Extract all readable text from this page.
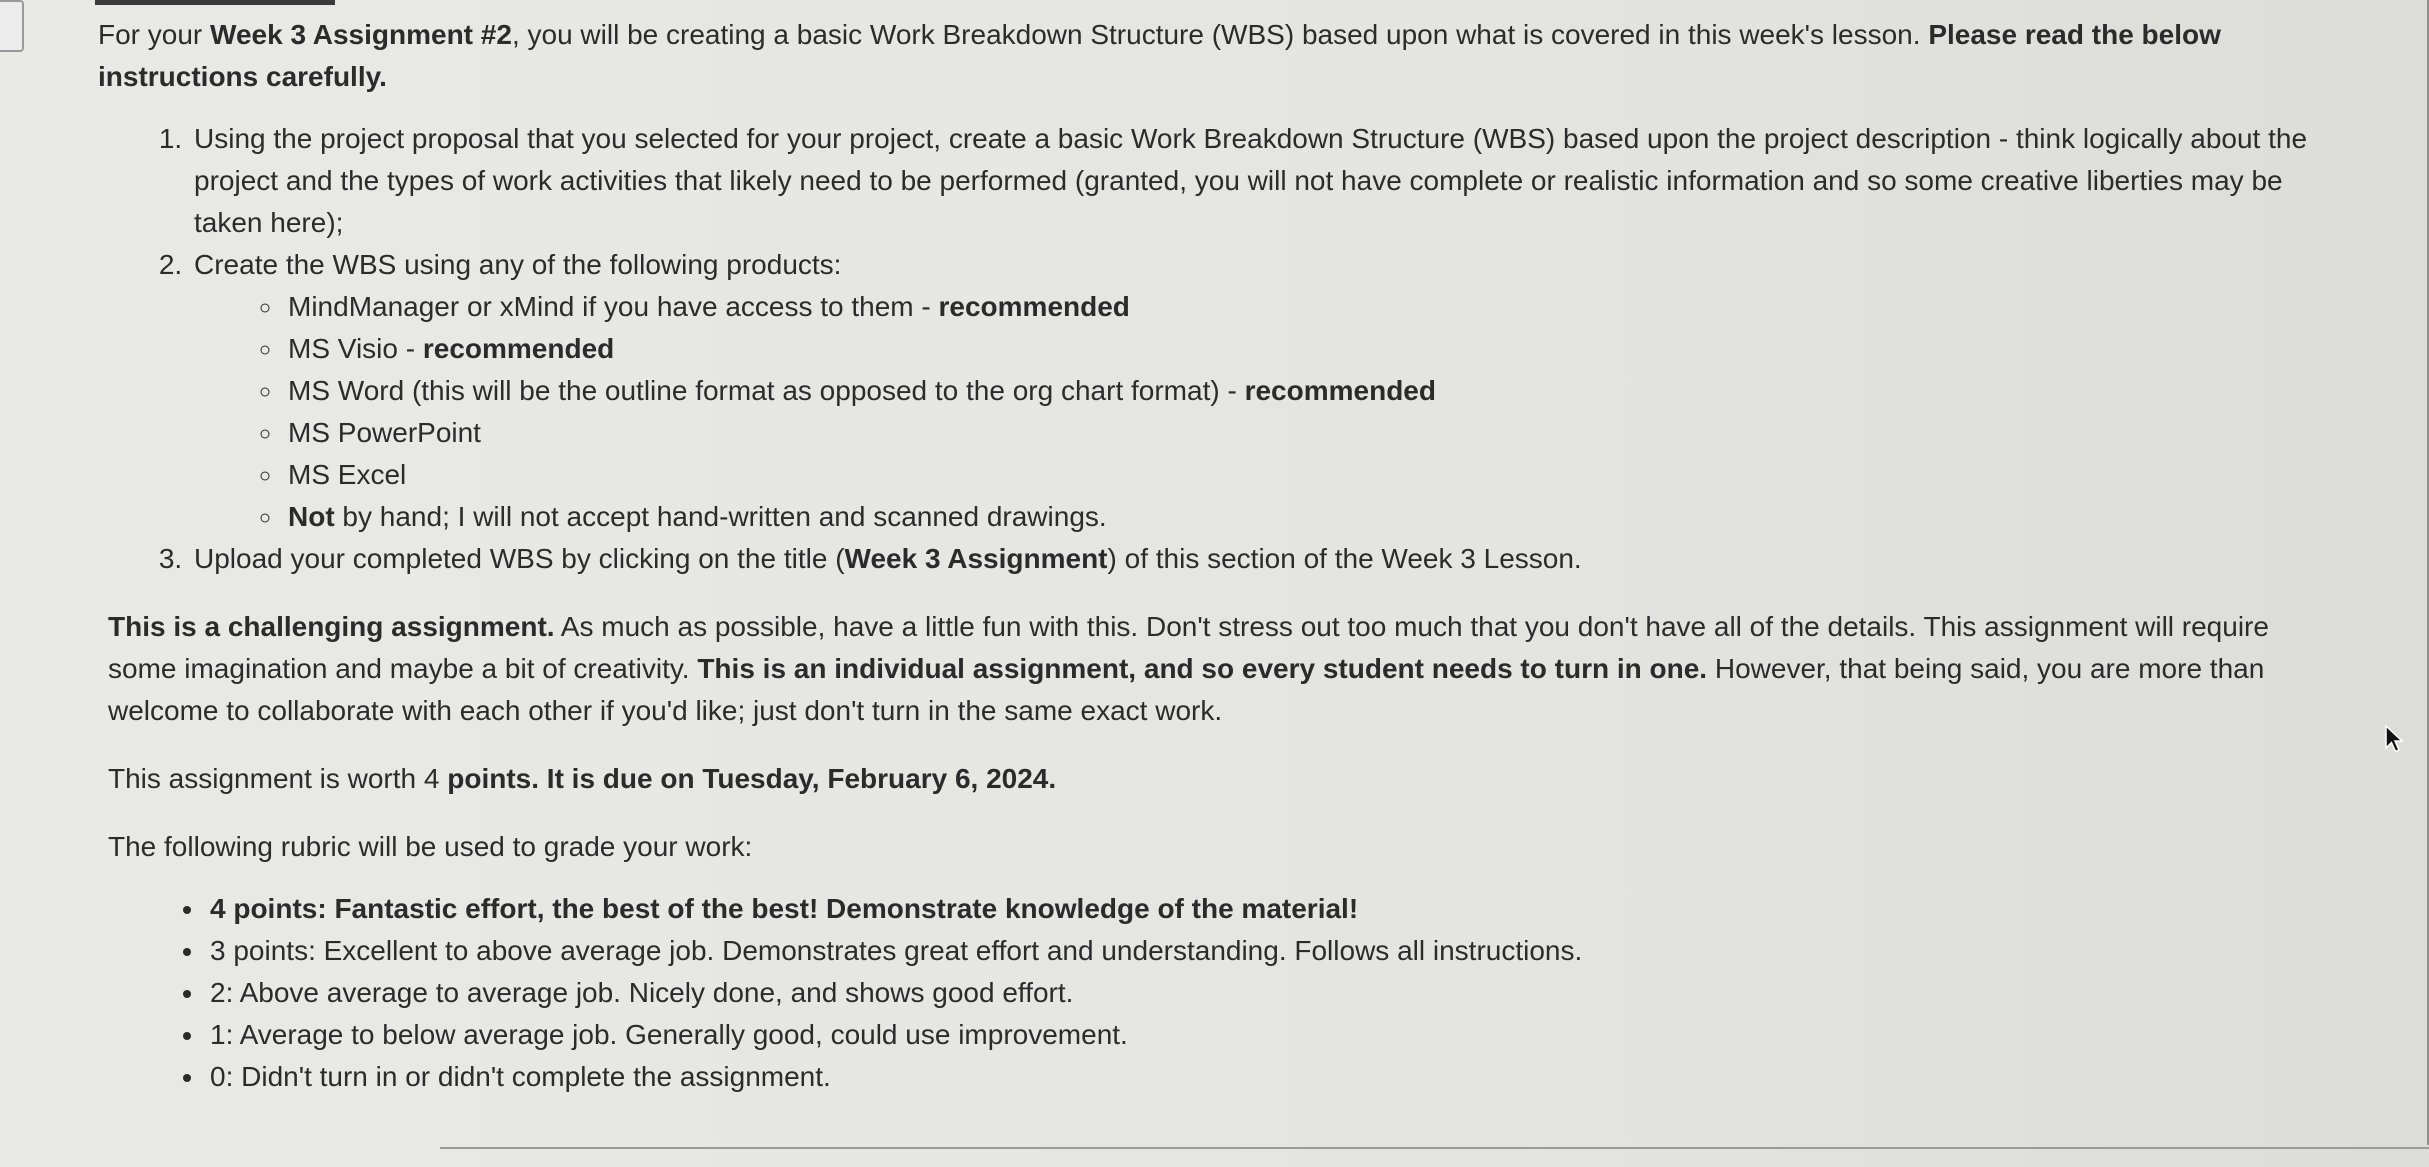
For your Week 3 Assignment #2, you will be creating a basic Work Breakdown Structure (WBS) based upon what is covered in this week's lesson. Please read the below instructions carefully.

1. Using the project proposal that you selected for your project, create a basic Work Breakdown Structure (WBS) based upon the project description - think logically about the project and the types of work activities that likely need to be performed (granted, you will not have complete or realistic information and so some creative liberties may be taken here);
2. Create the WBS using any of the following products:
◦ MindManager or xMind if you have access to them - recommended
◦ MS Visio - recommended
◦ MS Word (this will be the outline format as opposed to the org chart format) - recommended
◦ MS PowerPoint
◦ MS Excel
◦ Not by hand; I will not accept hand-written and scanned drawings.
3. Upload your completed WBS by clicking on the title (Week 3 Assignment) of this section of the Week 3 Lesson.

This is a challenging assignment. As much as possible, have a little fun with this. Don't stress out too much that you don't have all of the details. This assignment will require some imagination and maybe a bit of creativity. This is an individual assignment, and so every student needs to turn in one. However, that being said, you are more than welcome to collaborate with each other if you'd like; just don't turn in the same exact work.

This assignment is worth 4 points. It is due on Tuesday, February 6, 2024.

The following rubric will be used to grade your work:

• 4 points: Fantastic effort, the best of the best! Demonstrate knowledge of the material!
• 3 points: Excellent to above average job. Demonstrates great effort and understanding. Follows all instructions.
• 2: Above average to average job. Nicely done, and shows good effort.
• 1: Average to below average job. Generally good, could use improvement.
• 0: Didn't turn in or didn't complete the assignment.
